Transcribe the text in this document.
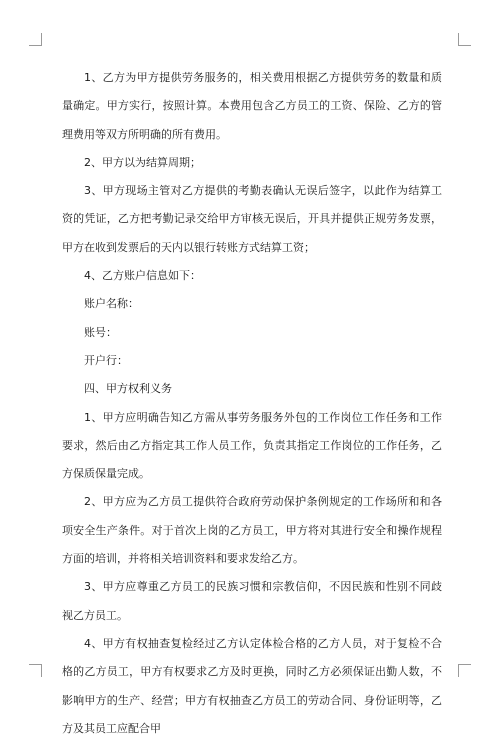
1、乙方为甲方提供劳务服务的，相关费用根据乙方提供劳务的数量和质量确定。甲方实行，按照计算。本费用包含乙方员工的工资、保险、乙方的管理费用等双方所明确的所有费用。

2、甲方以为结算周期；

3、甲方现场主管对乙方提供的考勤表确认无误后签字，以此作为结算工资的凭证，乙方把考勤记录交给甲方审核无误后，开具并提供正规劳务发票，甲方在收到发票后的天内以银行转账方式结算工资；

4、乙方账户信息如下：

账户名称：

账号：

开户行：

四、甲方权利义务

1、甲方应明确告知乙方需从事劳务服务外包的工作岗位工作任务和工作要求，然后由乙方指定其工作人员工作，负责其指定工作岗位的工作任务，乙方保质保量完成。

2、甲方应为乙方员工提供符合政府劳动保护条例规定的工作场所和和各项安全生产条件。对于首次上岗的乙方员工，甲方将对其进行安全和操作规程方面的培训，并将相关培训资料和要求发给乙方。

3、甲方应尊重乙方员工的民族习惯和宗教信仰，不因民族和性别不同歧视乙方员工。

4、甲方有权抽查复检经过乙方认定体检合格的乙方人员，对于复检不合格的乙方员工，甲方有权要求乙方及时更换，同时乙方必须保证出勤人数，不影响甲方的生产、经营；甲方有权抽查乙方员工的劳动合同、身份证明等，乙方及其员工应配合甲
